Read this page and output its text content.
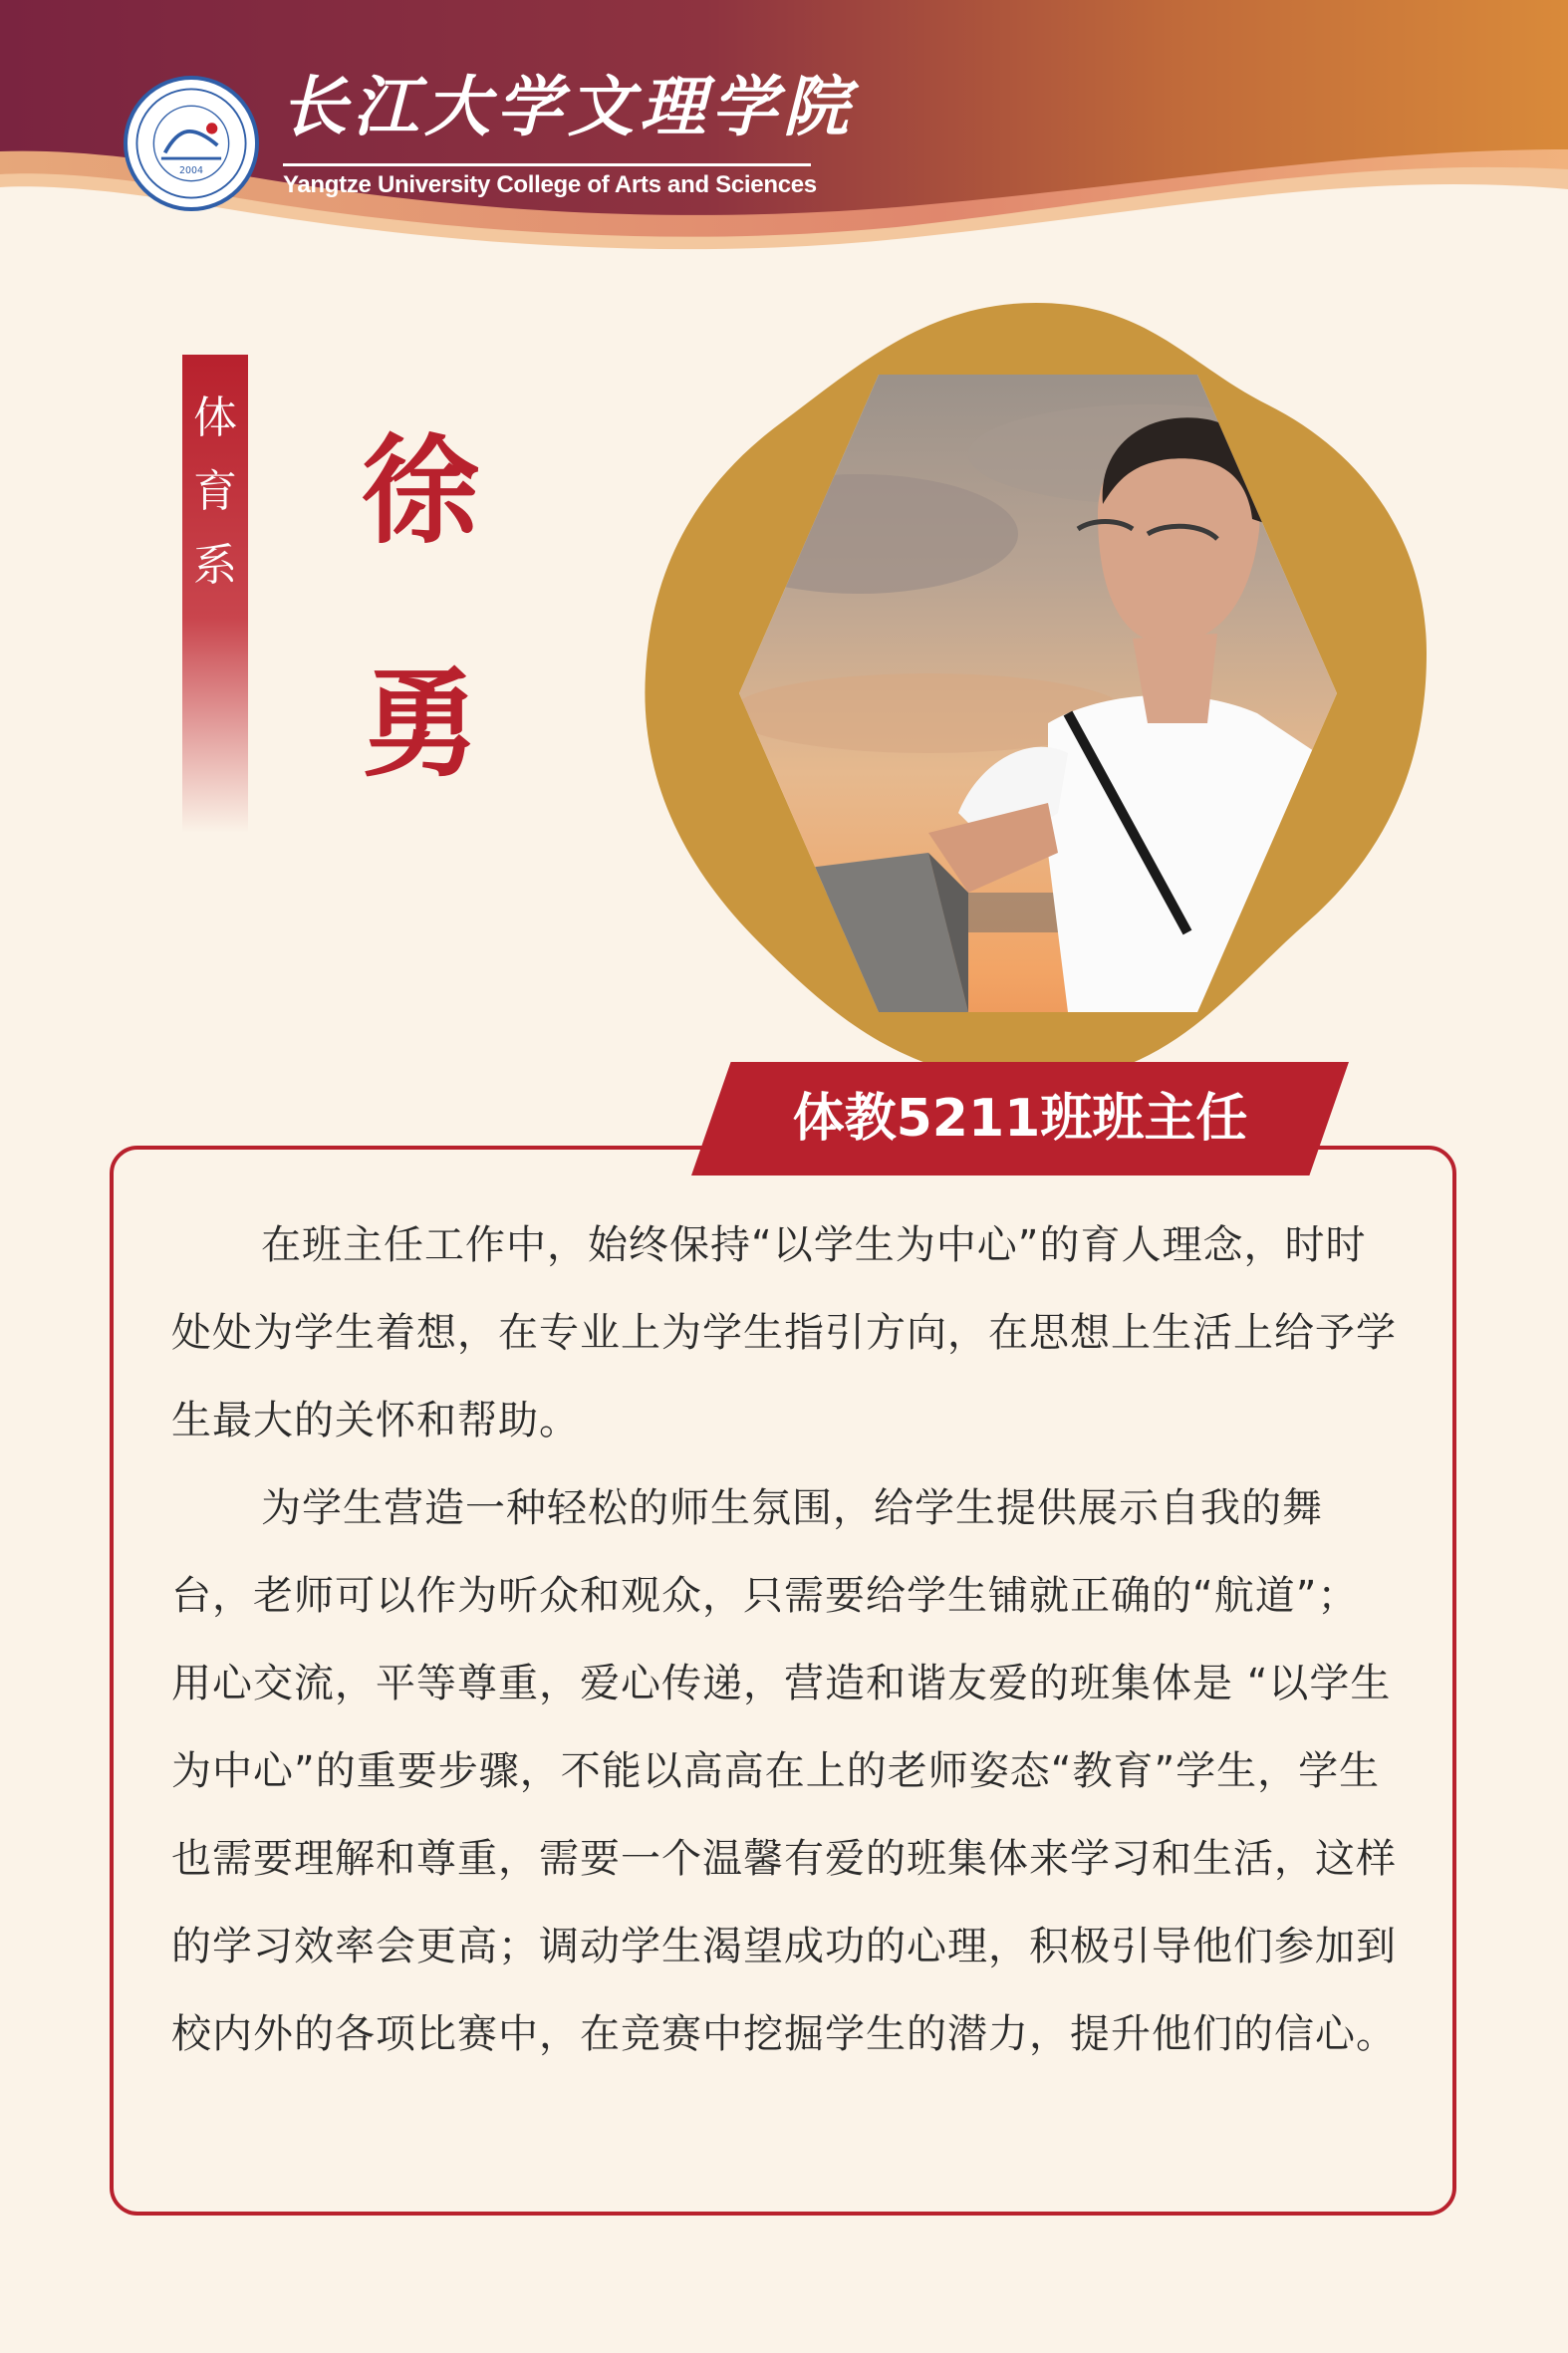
2004
长江大学文理学院
Yangtze University College of Arts and Sciences
体
育
系
徐
勇
体教5211班班主任

在班主任工作中，始终保持“以学生为中心”的育人理念，时时处处为学生着想，在专业上为学生指引方向，在思想上生活上给予学生最大的关怀和帮助。

为学生营造一种轻松的师生氛围，给学生提供展示自我的舞台，老师可以作为听众和观众，只需要给学生铺就正确的“航道”；用心交流，平等尊重，爱心传递，营造和谐友爱的班集体是 “以学生为中心”的重要步骤，不能以高高在上的老师姿态“教育”学生，学生也需要理解和尊重，需要一个温馨有爱的班集体来学习和生活，这样的学习效率会更高；调动学生渴望成功的心理，积极引导他们参加到校内外的各项比赛中，在竞赛中挖掘学生的潜力，提升他们的信心。
